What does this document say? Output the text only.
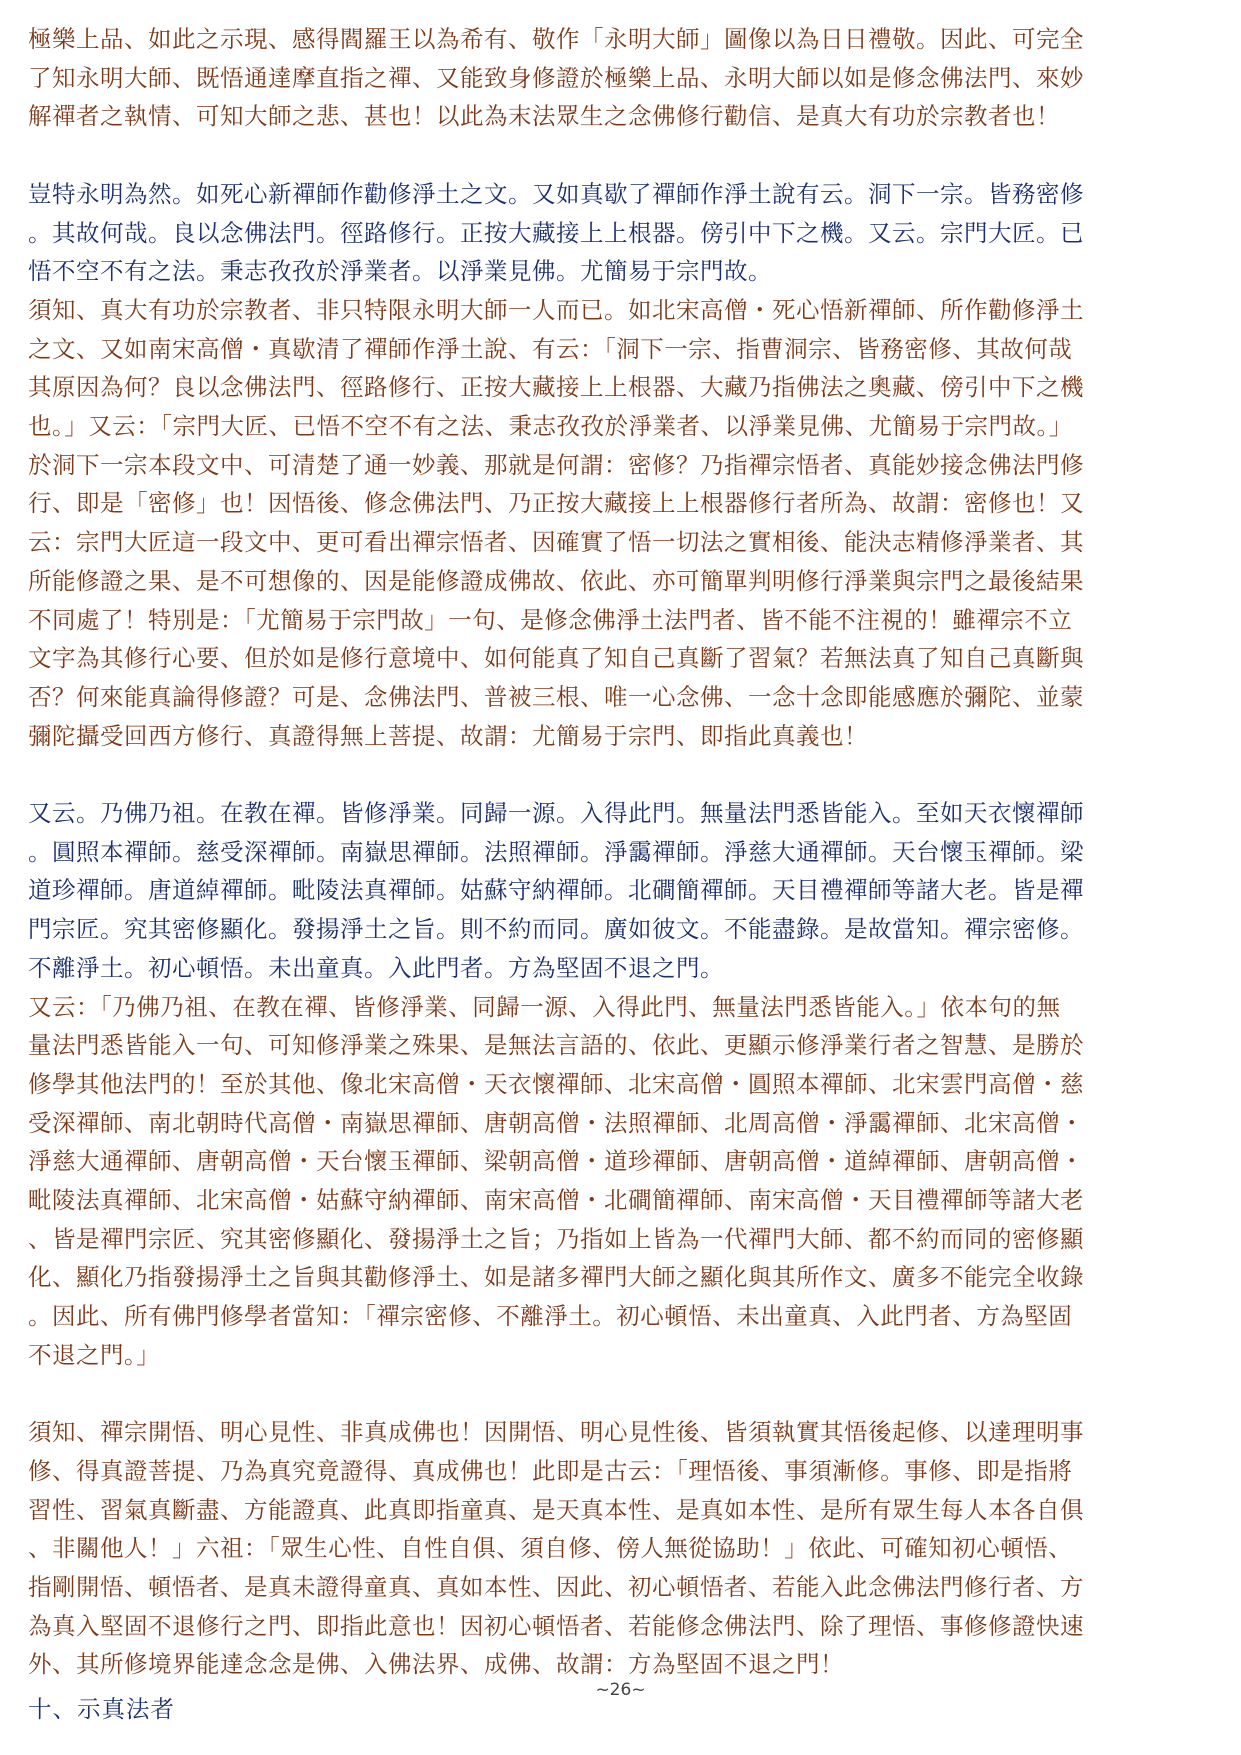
極樂上品、如此之示現、感得閻羅王以為希有、敬作「永明大師」圖像以為日日禮敬。因此、可完全
了知永明大師、既悟通達摩直指之禪、又能致身修證於極樂上品、永明大師以如是修念佛法門、來妙
解禪者之執情、可知大師之悲、甚也！以此為末法眾生之念佛修行勸信、是真大有功於宗教者也！
豈特永明為然。如死心新禪師作勸修淨土之文。又如真歇了禪師作淨土說有云。洞下一宗。皆務密修
。其故何哉。良以念佛法門。徑路修行。正按大藏接上上根器。傍引中下之機。又云。宗門大匠。已
悟不空不有之法。秉志孜孜於淨業者。以淨業見佛。尤簡易于宗門故。
須知、真大有功於宗教者、非只特限永明大師一人而已。如北宋高僧・死心悟新禪師、所作勸修淨土
之文、又如南宋高僧・真歇清了禪師作淨土說、有云：「洞下一宗、指曹洞宗、皆務密修、其故何哉
其原因為何？良以念佛法門、徑路修行、正按大藏接上上根器、大藏乃指佛法之奧藏、傍引中下之機
也。」又云：「宗門大匠、已悟不空不有之法、秉志孜孜於淨業者、以淨業見佛、尤簡易于宗門故。」
於洞下一宗本段文中、可清楚了通一妙義、那就是何謂：密修？乃指禪宗悟者、真能妙接念佛法門修
行、即是「密修」也！因悟後、修念佛法門、乃正按大藏接上上根器修行者所為、故謂：密修也！又
云：宗門大匠這一段文中、更可看出禪宗悟者、因確實了悟一切法之實相後、能決志精修淨業者、其
所能修證之果、是不可想像的、因是能修證成佛故、依此、亦可簡單判明修行淨業與宗門之最後結果
不同處了！特別是：「尤簡易于宗門故」一句、是修念佛淨土法門者、皆不能不注視的！雖禪宗不立
文字為其修行心要、但於如是修行意境中、如何能真了知自己真斷了習氣？若無法真了知自己真斷與
否？何來能真論得修證？可是、念佛法門、普被三根、唯一心念佛、一念十念即能感應於彌陀、並蒙
彌陀攝受回西方修行、真證得無上菩提、故謂：尤簡易于宗門、即指此真義也！
又云。乃佛乃祖。在教在禪。皆修淨業。同歸一源。入得此門。無量法門悉皆能入。至如天衣懷禪師
。圓照本禪師。慈受深禪師。南嶽思禪師。法照禪師。淨靄禪師。淨慈大通禪師。天台懷玉禪師。梁
道珍禪師。唐道綽禪師。毗陵法真禪師。姑蘇守納禪師。北磵簡禪師。天目禮禪師等諸大老。皆是禪
門宗匠。究其密修顯化。發揚淨土之旨。則不約而同。廣如彼文。不能盡錄。是故當知。禪宗密修。
不離淨土。初心頓悟。未出童真。入此門者。方為堅固不退之門。
又云：「乃佛乃祖、在教在禪、皆修淨業、同歸一源、入得此門、無量法門悉皆能入。」依本句的無
量法門悉皆能入一句、可知修淨業之殊果、是無法言語的、依此、更顯示修淨業行者之智慧、是勝於
修學其他法門的！至於其他、像北宋高僧・天衣懷禪師、北宋高僧・圓照本禪師、北宋雲門高僧・慈
受深禪師、南北朝時代高僧・南嶽思禪師、唐朝高僧・法照禪師、北周高僧・淨靄禪師、北宋高僧・
淨慈大通禪師、唐朝高僧・天台懷玉禪師、梁朝高僧・道珍禪師、唐朝高僧・道綽禪師、唐朝高僧・
毗陵法真禪師、北宋高僧・姑蘇守納禪師、南宋高僧・北磵簡禪師、南宋高僧・天目禮禪師等諸大老
、皆是禪門宗匠、究其密修顯化、發揚淨土之旨；乃指如上皆為一代禪門大師、都不約而同的密修顯
化、顯化乃指發揚淨土之旨與其勸修淨土、如是諸多禪門大師之顯化與其所作文、廣多不能完全收錄
。因此、所有佛門修學者當知：「禪宗密修、不離淨土。初心頓悟、未出童真、入此門者、方為堅固
不退之門。」
須知、禪宗開悟、明心見性、非真成佛也！因開悟、明心見性後、皆須執實其悟後起修、以達理明事
修、得真證菩提、乃為真究竟證得、真成佛也！此即是古云：「理悟後、事須漸修。事修、即是指將
習性、習氣真斷盡、方能證真、此真即指童真、是天真本性、是真如本性、是所有眾生每人本各自俱
、非關他人！」六祖：「眾生心性、自性自俱、須自修、傍人無從協助！」依此、可確知初心頓悟、
指剛開悟、頓悟者、是真未證得童真、真如本性、因此、初心頓悟者、若能入此念佛法門修行者、方
為真入堅固不退修行之門、即指此意也！因初心頓悟者、若能修念佛法門、除了理悟、事修修證快速
外、其所修境界能達念念是佛、入佛法界、成佛、故謂：方為堅固不退之門！
十、示真法者
~26~
